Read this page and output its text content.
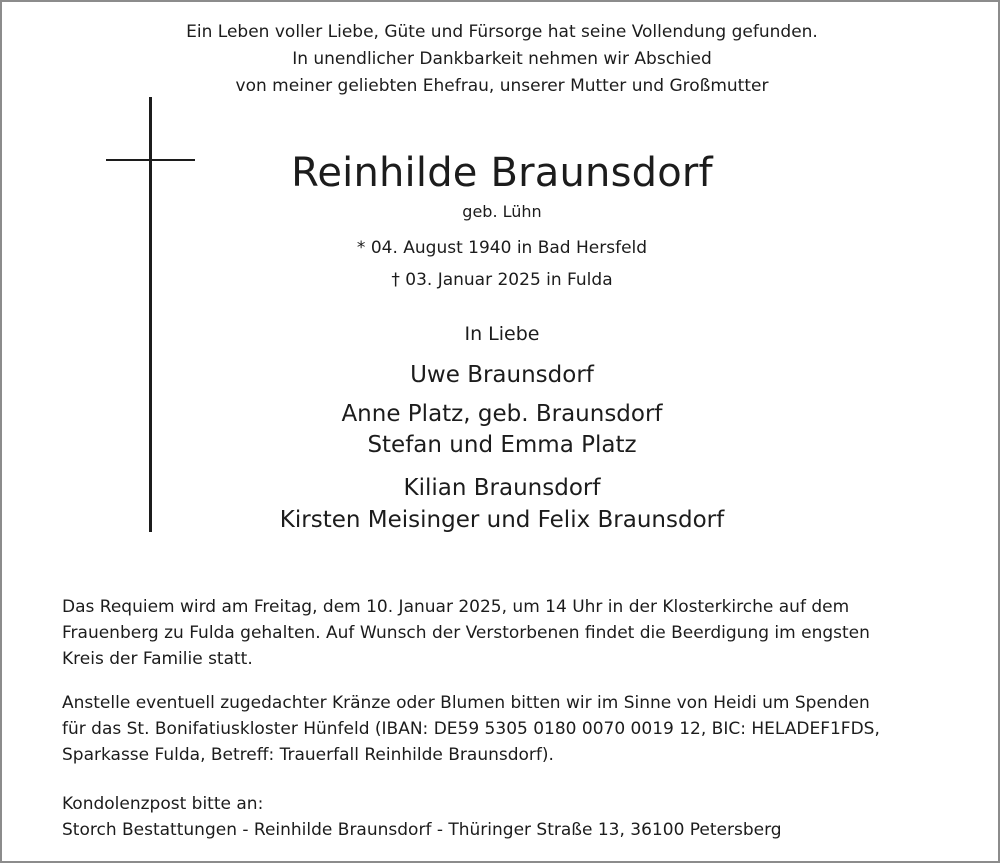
Ein Leben voller Liebe, Güte und Fürsorge hat seine Vollendung gefunden.
In unendlicher Dankbarkeit nehmen wir Abschied
von meiner geliebten Ehefrau, unserer Mutter und Großmutter
Reinhilde Braunsdorf
geb. Lühn
* 04. August 1940 in Bad Hersfeld
† 03. Januar 2025 in Fulda
In Liebe
Uwe Braunsdorf
Anne Platz, geb. Braunsdorf
Stefan und Emma Platz
Kilian Braunsdorf
Kirsten Meisinger und Felix Braunsdorf
Das Requiem wird am Freitag, dem 10. Januar 2025, um 14 Uhr in der Klosterkirche auf dem
Frauenberg zu Fulda gehalten. Auf Wunsch der Verstorbenen findet die Beerdigung im engsten
Kreis der Familie statt.
Anstelle eventuell zugedachter Kränze oder Blumen bitten wir im Sinne von Heidi um Spenden
für das St. Bonifatiuskloster Hünfeld (IBAN: DE59 5305 0180 0070 0019 12, BIC: HELADEF1FDS,
Sparkasse Fulda, Betreff: Trauerfall Reinhilde Braunsdorf).
Kondolenzpost bitte an:
Storch Bestattungen - Reinhilde Braunsdorf - Thüringer Straße 13, 36100 Petersberg
